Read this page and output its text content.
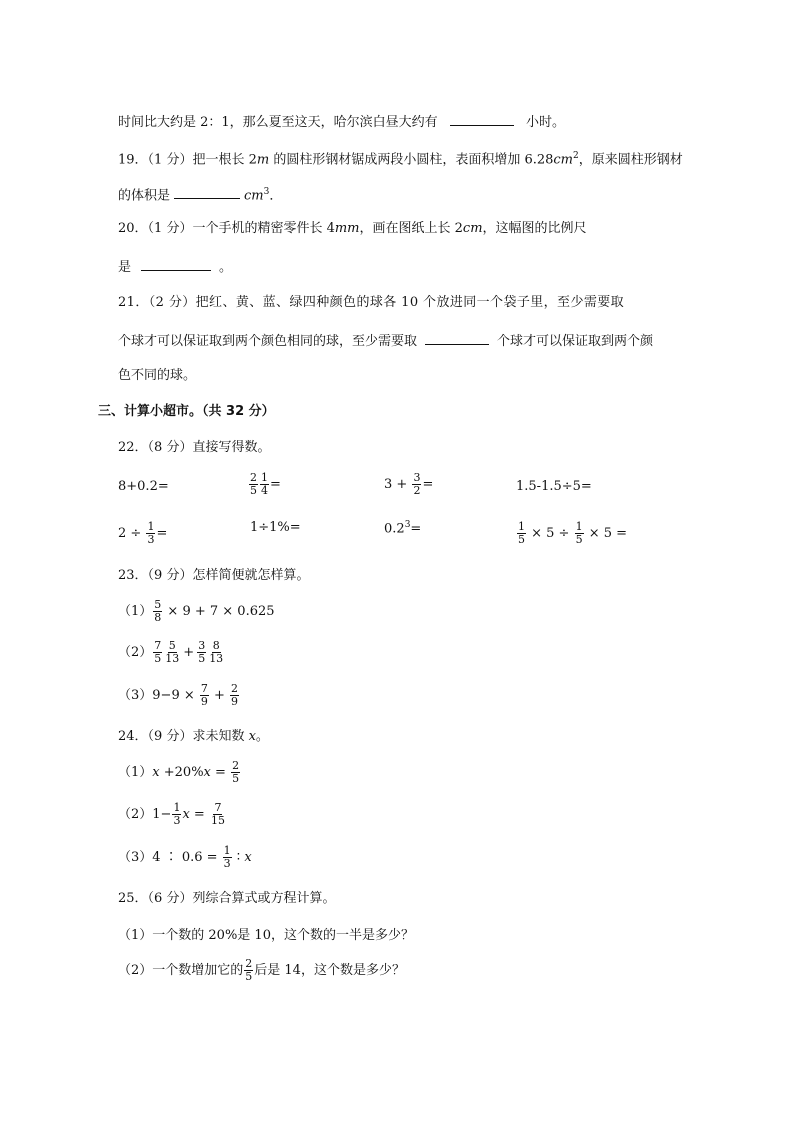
时间比大约是 2：1，那么夏至这天，哈尔滨白昼大约有	小时。
19．（1 分）把一根长 2m 的圆柱形钢材锯成两段小圆柱，表面积增加 $6.28cm^2$，原来圆柱形钢材
的体积是	$cm^3$．
20．（1 分）一个手机的精密零件长 4mm，画在图纸上长 2cm，这幅图的比例尺
是	。
21．（2 分）把红、黄、蓝、绿四种颜色的球各 10 个放进同一个袋子里，至少需要取
个球才可以保证取到两个颜色相同的球，至少需要取	个球才可以保证取到两个颜
色不同的球。
三、计算小超市。（共 32 分）
22．（8 分）直接写得数。
8+0.2=	$\frac{2}{5} \frac{1}{4}$ =	$3 + \frac{3}{2}$ =	1.5-1.5÷5=
$2 \div \frac{1}{3}$ =	1÷1%=	$0.2^3=$	$\frac{1}{5} \times 5 \div \frac{1}{5} \times 5$ =
23．（9 分）怎样简便就怎样算。
$(1) \frac{5}{8} \times 9 + 7 \times 0.625$
$(2) \frac{7}{5} \frac{5}{13} + \frac{3}{5} \frac{8}{13}$
$(3)9-9 \times \frac{7}{9} + \frac{2}{9}$
24．（9 分）求未知数 x。
$(1)x +20\%x = \frac{2}{5}$
$(2)1- \frac{1}{3}$ $x = \frac{7}{15}$
（3）4 ∶ $0.6 = \frac{1}{3}$ ∶ x
25．（6 分）列综合算式或方程计算。
（1）一个数的 20%是 10，这个数的一半是多少？
（2）一个数增加它的 $\frac{2}{5}$ 后是 14，这个数是多少？
